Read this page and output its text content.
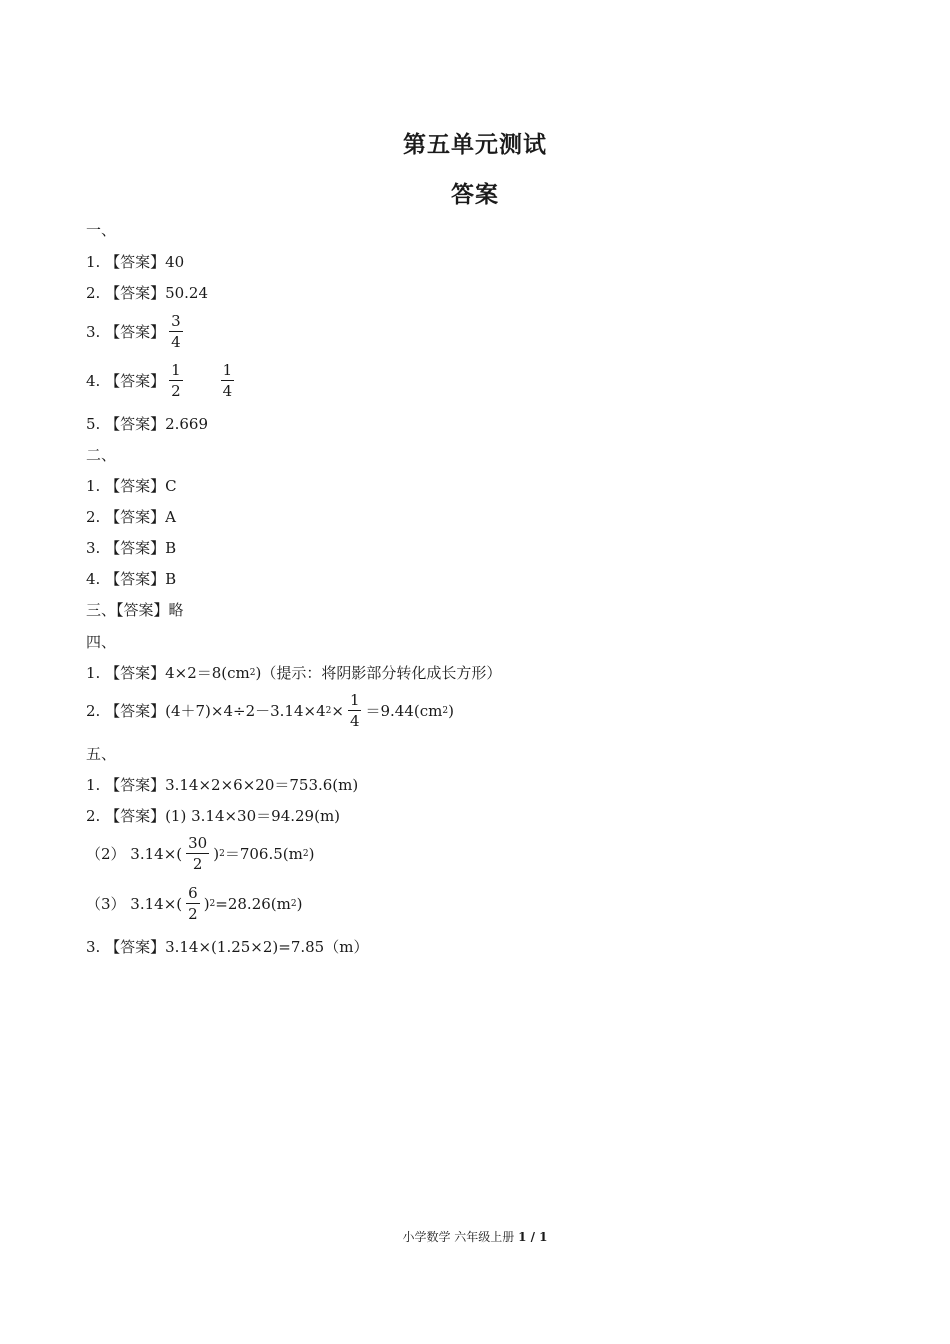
第五单元测试
答案
一、
1. 【答案】40
2. 【答案】50.24
3. 【答案】 $\frac{3}{4}$
4. 【答案】 $\frac{1}{2}$	$\frac{1}{4}$
5. 【答案】2.669
二、
1. 【答案】C
2. 【答案】A
3. 【答案】B
4. 【答案】B
三、【答案】略
四、
1. 【答案】 4×2＝8(cm 2 )（提示：将阴影部分转化成长方形）
2. 【答案】 (4＋7)×4÷2－3.14×4 $2 \times \frac{1}{4} =9.44(cm$ 2 )
五、
1. 【答案】3.14×2×6×20＝753.6(m)
2. 【答案】(1) 3.14×30＝94.29(m)
（2） $3.14\times( \frac{30}{2}$ ) 2 ＝706.5(m 2 )
（3） $3.14\times( \frac{6}{2}$ ) 2 =28.26(m 2 )
3. 【答案】3.14×(1.25×2)=7.85（m）
小学数学 六年级上册 1 / 1
